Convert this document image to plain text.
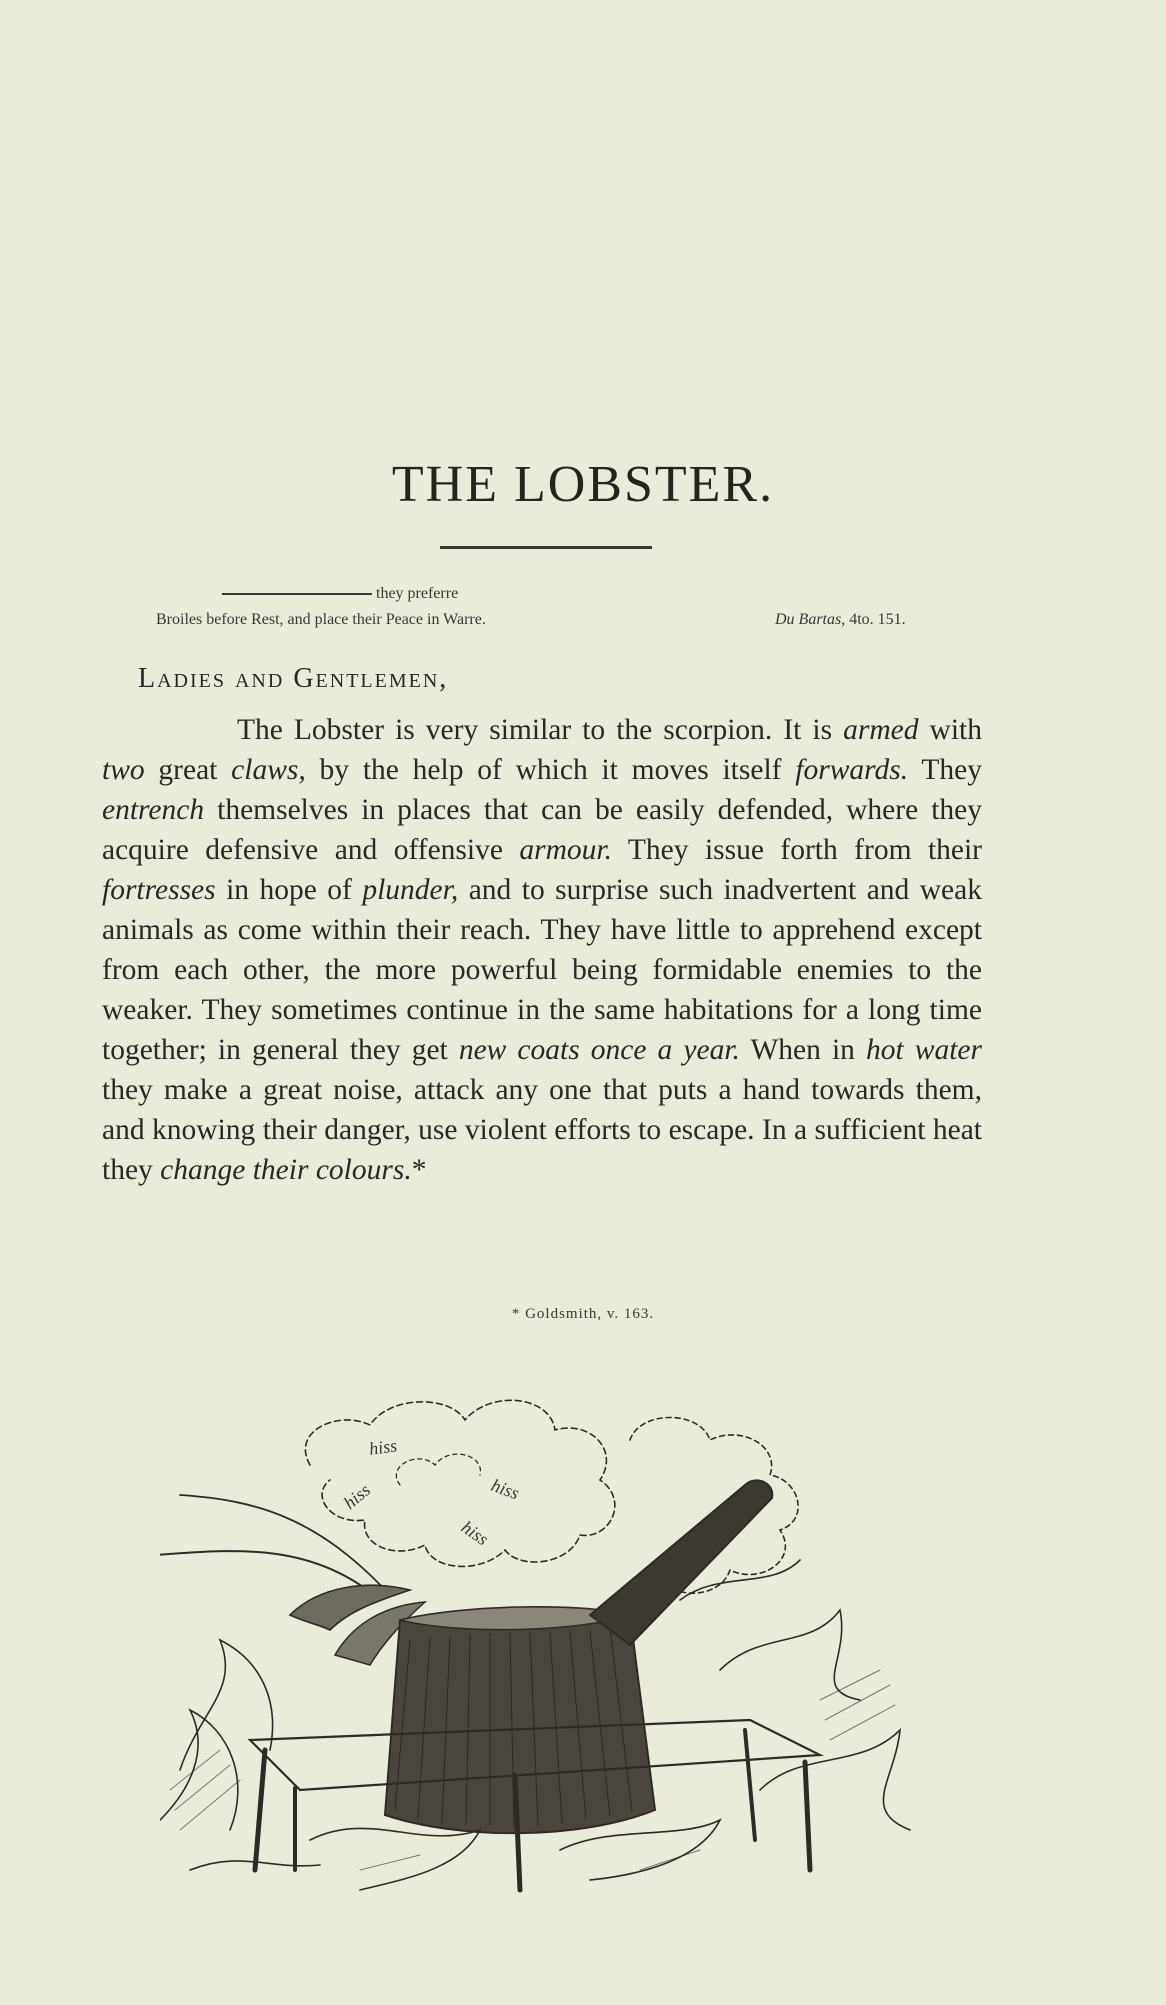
THE LOBSTER.
they preferre
Broiles before Rest, and place their Peace in Warre.	Du Bartas, 4to. 151.
Ladies and Gentlemen,

The Lobster is very similar to the scorpion. It is armed with two great claws, by the help of which it moves itself forwards. They entrench themselves in places that can be easily defended, where they acquire defensive and offensive armour. They issue forth from their fortresses in hope of plunder, and to surprise such inadvertent and weak animals as come within their reach. They have little to apprehend except from each other, the more powerful being formidable enemies to the weaker. They sometimes continue in the same habitations for a long time together; in general they get new coats once a year. When in hot water they make a great noise, attack any one that puts a hand towards them, and knowing their danger, use violent efforts to escape. In a sufficient heat they change their colours.*

* Goldsmith, v. 163.
hiss
hiss
hiss
hiss
